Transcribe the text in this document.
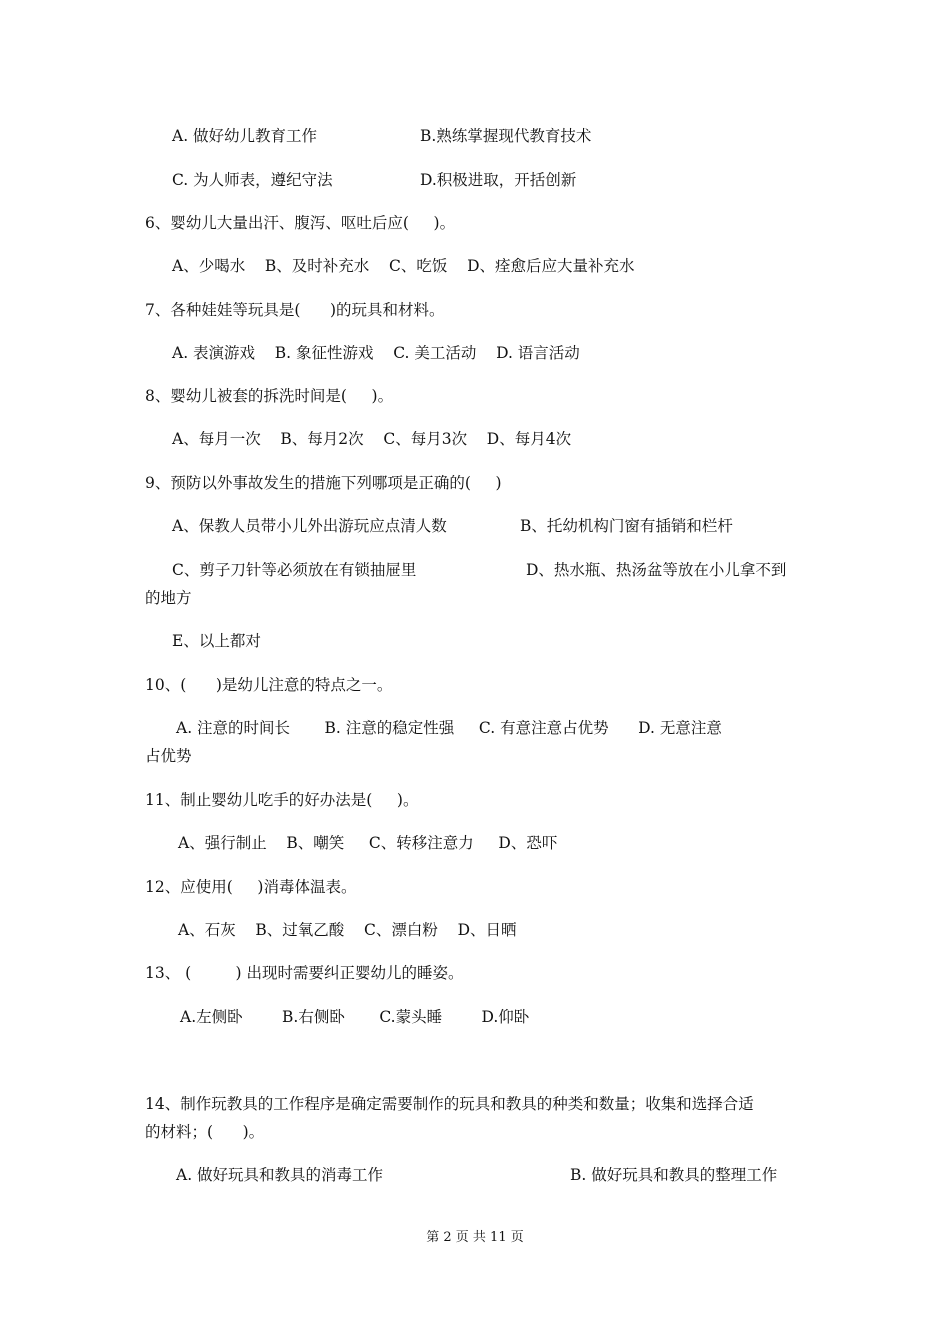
A. 做好幼儿教育工作	B.熟练掌握现代教育技术
C. 为人师表，遵纪守法	D.积极进取，开括创新
6、婴幼儿大量出汗、腹泻、呕吐后应(     )。
A、少喝水    B、及时补充水    C、吃饭    D、痊愈后应大量补充水
7、各种娃娃等玩具是(      )的玩具和材料。
A. 表演游戏    B. 象征性游戏    C. 美工活动    D. 语言活动
8、婴幼儿被套的拆洗时间是(     )。
A、每月一次    B、每月2次    C、每月3次    D、每月4次
9、预防以外事故发生的措施下列哪项是正确的(     )
A、保教人员带小儿外出游玩应点清人数	B、托幼机构门窗有插销和栏杆
C、剪子刀针等必须放在有锁抽屉里	D、热水瓶、热汤盆等放在小儿拿不到
的地方
E、以上都对
10、(      )是幼儿注意的特点之一。
A. 注意的时间长       B. 注意的稳定性强     C. 有意注意占优势      D. 无意注意
占优势
11、制止婴幼儿吃手的好办法是(     )。
A、强行制止    B、嘲笑     C、转移注意力     D、恐吓
12、应使用(     )消毒体温表。
A、石灰    B、过氧乙酸    C、漂白粉    D、日晒
13、 (         ) 出现时需要纠正婴幼儿的睡姿。
A.左侧卧        B.右侧卧       C.蒙头睡        D.仰卧
14、制作玩教具的工作程序是确定需要制作的玩具和教具的种类和数量；收集和选择合适
的材料；(      )。
A. 做好玩具和教具的消毒工作	B. 做好玩具和教具的整理工作
第 2 页 共 11 页
